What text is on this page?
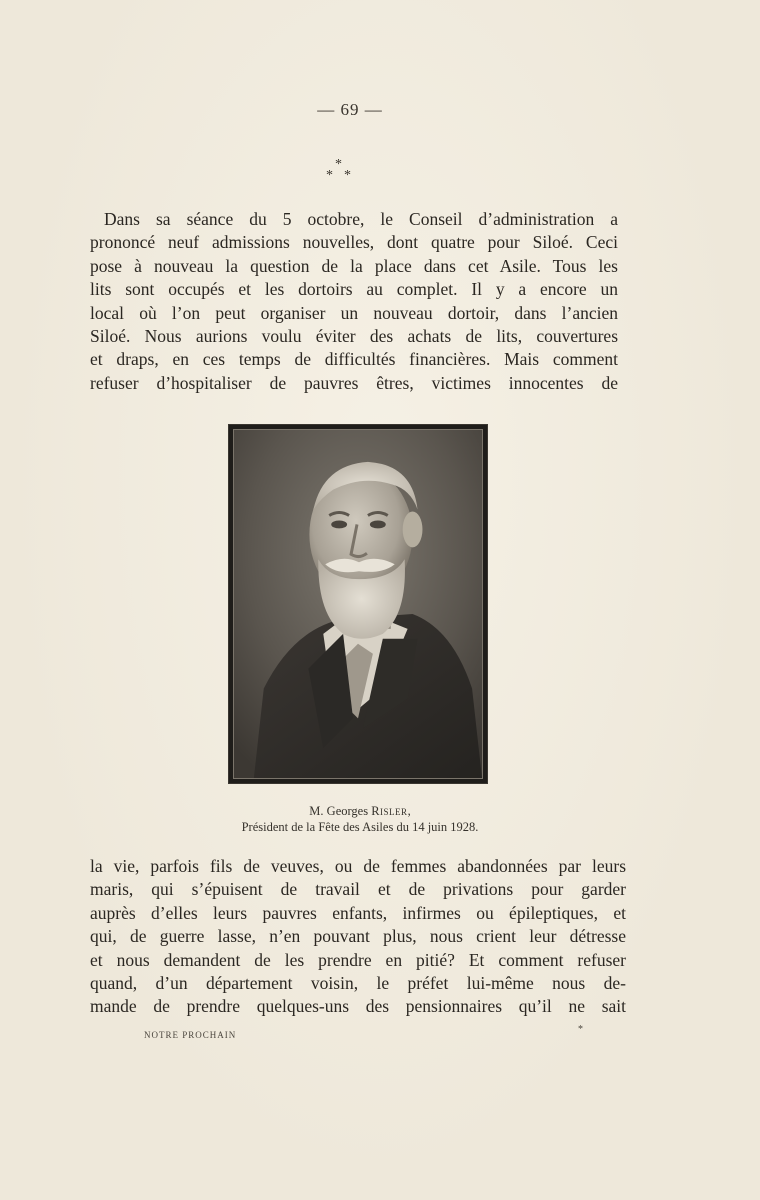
— 69 —
*
* *
Dans sa séance du 5 octobre, le Conseil d’administration a
prononcé neuf admissions nouvelles, dont quatre pour Siloé. Ceci
pose à nouveau la question de la place dans cet Asile. Tous les
lits sont occupés et les dortoirs au complet. Il y a encore un
local où l’on peut organiser un nouveau dortoir, dans l’ancien
Siloé. Nous aurions voulu éviter des achats de lits, couvertures
et draps, en ces temps de difficultés financières. Mais comment
refuser d’hospitaliser de pauvres êtres, victimes innocentes de
M. Georges Risler,
Président de la Fête des Asiles du 14 juin 1928.
la vie, parfois fils de veuves, ou de femmes abandonnées par leurs
maris, qui s’épuisent de travail et de privations pour garder
auprès d’elles leurs pauvres enfants, infirmes ou épileptiques, et
qui, de guerre lasse, n’en pouvant plus, nous crient leur détresse
et nous demandent de les prendre en pitié? Et comment refuser
quand, d’un département voisin, le préfet lui-même nous de-
mande de prendre quelques-uns des pensionnaires qu’il ne sait
NOTRE PROCHAIN	*
